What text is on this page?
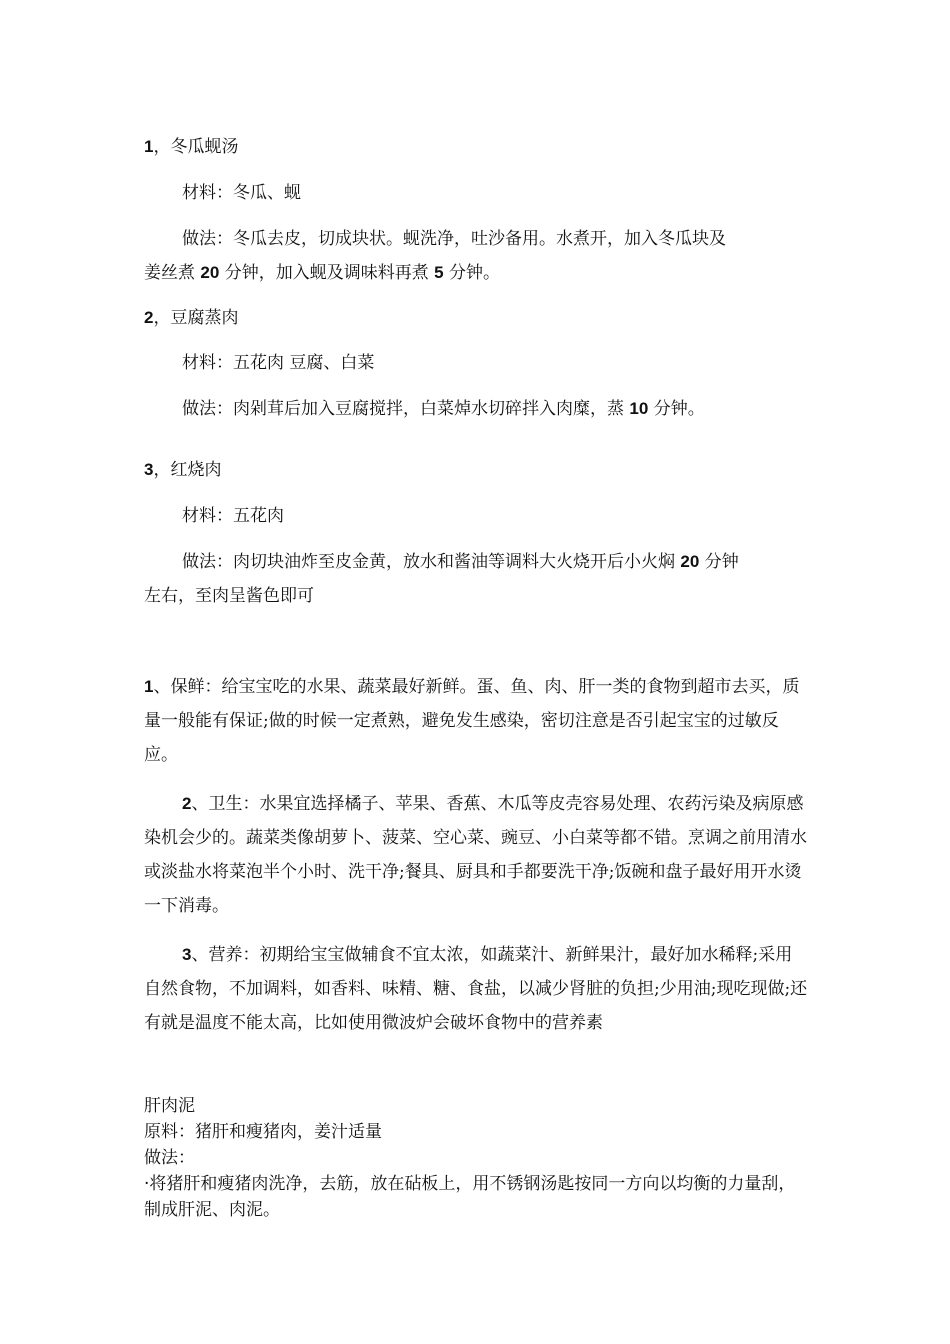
1，冬瓜蚬汤
材料：冬瓜、蚬
做法：冬瓜去皮，切成块状。蚬洗净，吐沙备用。水煮开，加入冬瓜块及
姜丝煮 20 分钟，加入蚬及调味料再煮 5 分钟。
2，豆腐蒸肉
材料：五花肉 豆腐、白菜
做法：肉剁茸后加入豆腐搅拌，白菜焯水切碎拌入肉糜，蒸 10 分钟。
3，红烧肉
材料：五花肉
做法：肉切块油炸至皮金黄，放水和酱油等调料大火烧开后小火焖 20 分钟
左右，至肉呈酱色即可
1、保鲜：给宝宝吃的水果、蔬菜最好新鲜。蛋、鱼、肉、肝一类的食物到超市去买，质量一般能有保证;做的时候一定煮熟，避免发生感染，密切注意是否引起宝宝的过敏反应。
2、卫生：水果宜选择橘子、苹果、香蕉、木瓜等皮壳容易处理、农药污染及病原感染机会少的。蔬菜类像胡萝卜、菠菜、空心菜、豌豆、小白菜等都不错。烹调之前用清水或淡盐水将菜泡半个小时、洗干净;餐具、厨具和手都要洗干净;饭碗和盘子最好用开水烫一下消毒。
3、营养：初期给宝宝做辅食不宜太浓，如蔬菜汁、新鲜果汁，最好加水稀释;采用自然食物，不加调料，如香料、味精、糖、食盐，以减少肾脏的负担;少用油;现吃现做;还有就是温度不能太高，比如使用微波炉会破坏食物中的营养素
肝肉泥
原料：猪肝和瘦猪肉，姜汁适量
做法：
·将猪肝和瘦猪肉洗净，去筋，放在砧板上，用不锈钢汤匙按同一方向以均衡的力量刮，制成肝泥、肉泥。
